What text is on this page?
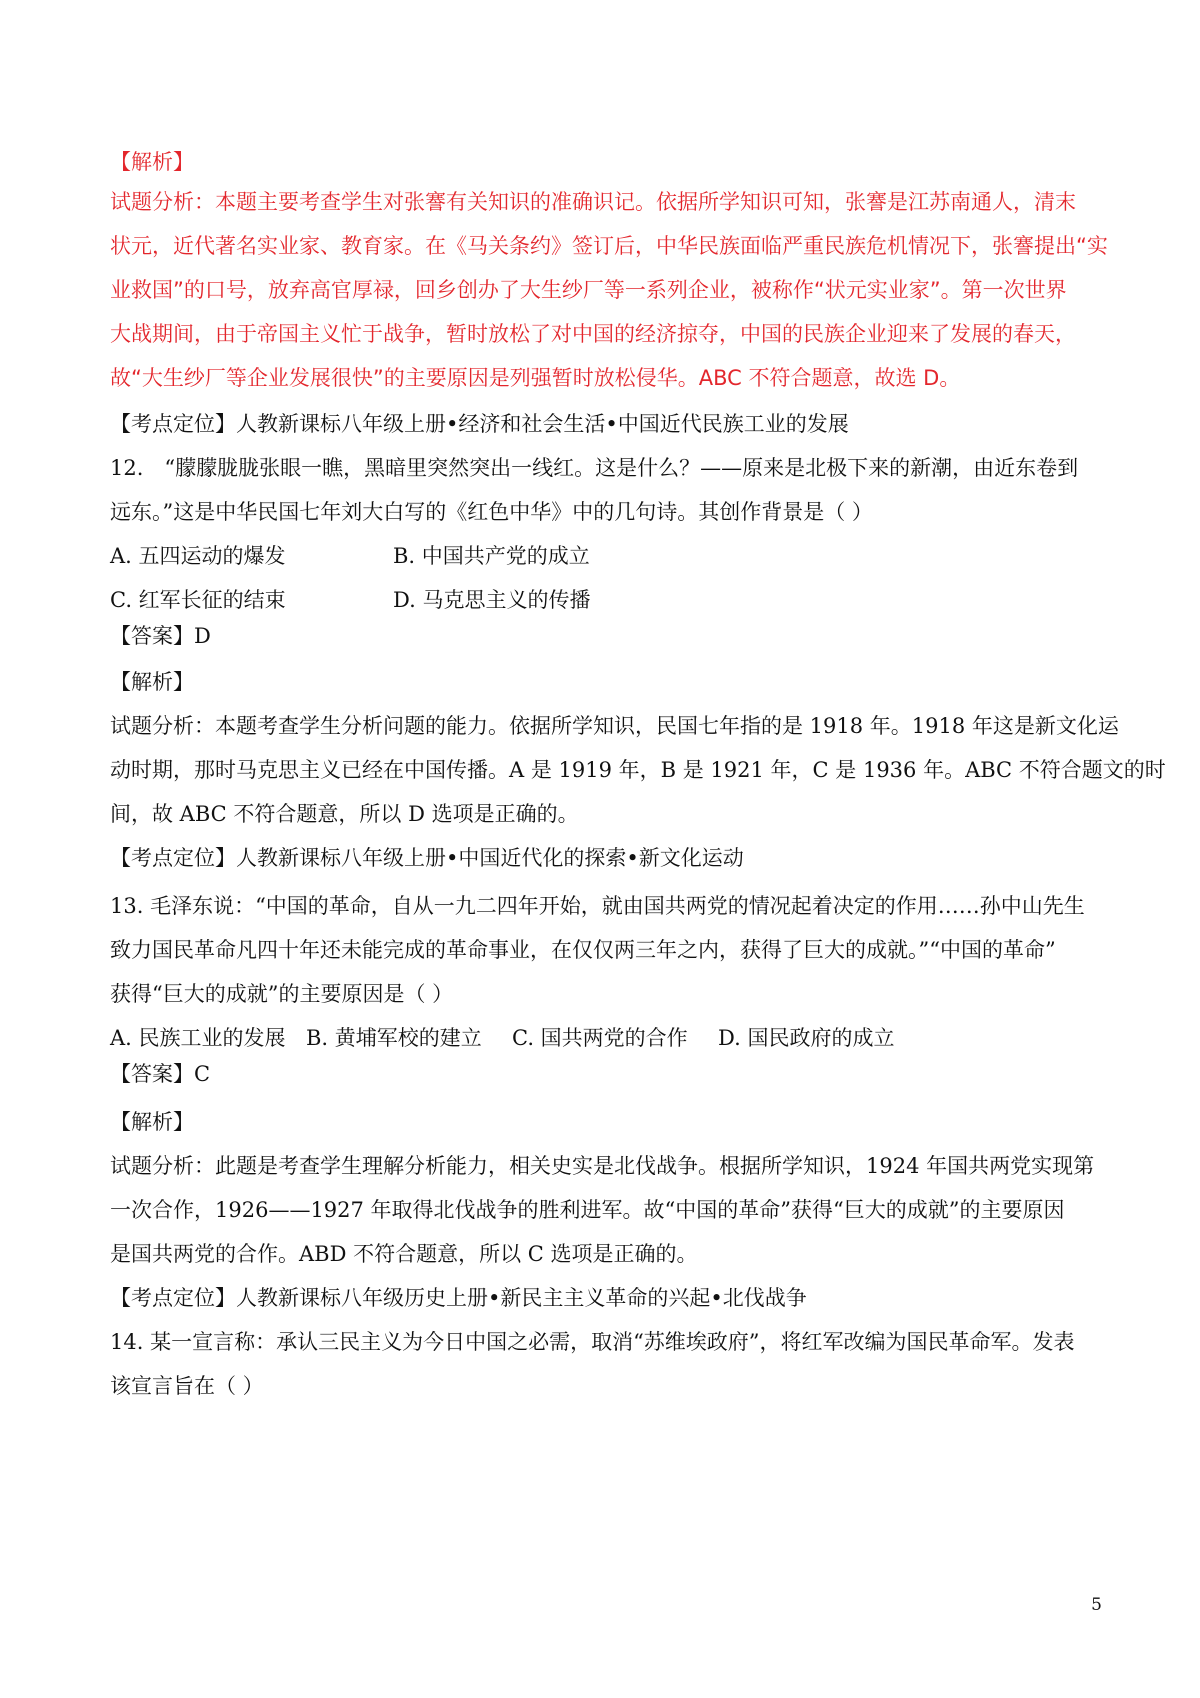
【解析】
试题分析：本题主要考查学生对张謇有关知识的准确识记。依据所学知识可知，张謇是江苏南通人，清末
状元，近代著名实业家、教育家。在《马关条约》签订后，中华民族面临严重民族危机情况下，张謇提出“实
业救国”的口号，放弃高官厚禄，回乡创办了大生纱厂等一系列企业，被称作“状元实业家”。第一次世界
大战期间，由于帝国主义忙于战争，暂时放松了对中国的经济掠夺，中国的民族企业迎来了发展的春天，
故“大生纱厂等企业发展很快”的主要原因是列强暂时放松侵华。ABC 不符合题意，故选 D。
【考点定位】人教新课标八年级上册•经济和社会生活•中国近代民族工业的发展
12.　“朦朦胧胧张眼一瞧，黑暗里突然突出一线红。这是什么？——原来是北极下来的新潮，由近东卷到
远东。”这是中华民国七年刘大白写的《红色中华》中的几句诗。其创作背景是（ ）
A. 五四运动的爆发	B. 中国共产党的成立
C. 红军长征的结束	D. 马克思主义的传播
【答案】D
【解析】
试题分析：本题考查学生分析问题的能力。依据所学知识，民国七年指的是 1918 年。1918 年这是新文化运
动时期，那时马克思主义已经在中国传播。A 是 1919 年，B 是 1921 年，C 是 1936 年。ABC 不符合题文的时
间，故 ABC 不符合题意，所以 D 选项是正确的。
【考点定位】人教新课标八年级上册•中国近代化的探索•新文化运动
13. 毛泽东说：“中国的革命，自从一九二四年开始，就由国共两党的情况起着决定的作用……孙中山先生
致力国民革命凡四十年还未能完成的革命事业，在仅仅两三年之内，获得了巨大的成就。”“中国的革命”
获得“巨大的成就”的主要原因是（ ）
A. 民族工业的发展 B. 黄埔军校的建立	C. 国共两党的合作	D. 国民政府的成立
【答案】C
【解析】
试题分析：此题是考查学生理解分析能力，相关史实是北伐战争。根据所学知识，1924 年国共两党实现第
一次合作，1926——1927 年取得北伐战争的胜利进军。故“中国的革命”获得“巨大的成就”的主要原因
是国共两党的合作。ABD 不符合题意，所以 C 选项是正确的。
【考点定位】人教新课标八年级历史上册•新民主主义革命的兴起•北伐战争
14. 某一宣言称：承认三民主义为今日中国之必需，取消“苏维埃政府”，将红军改编为国民革命军。发表
该宣言旨在（ ）
5
